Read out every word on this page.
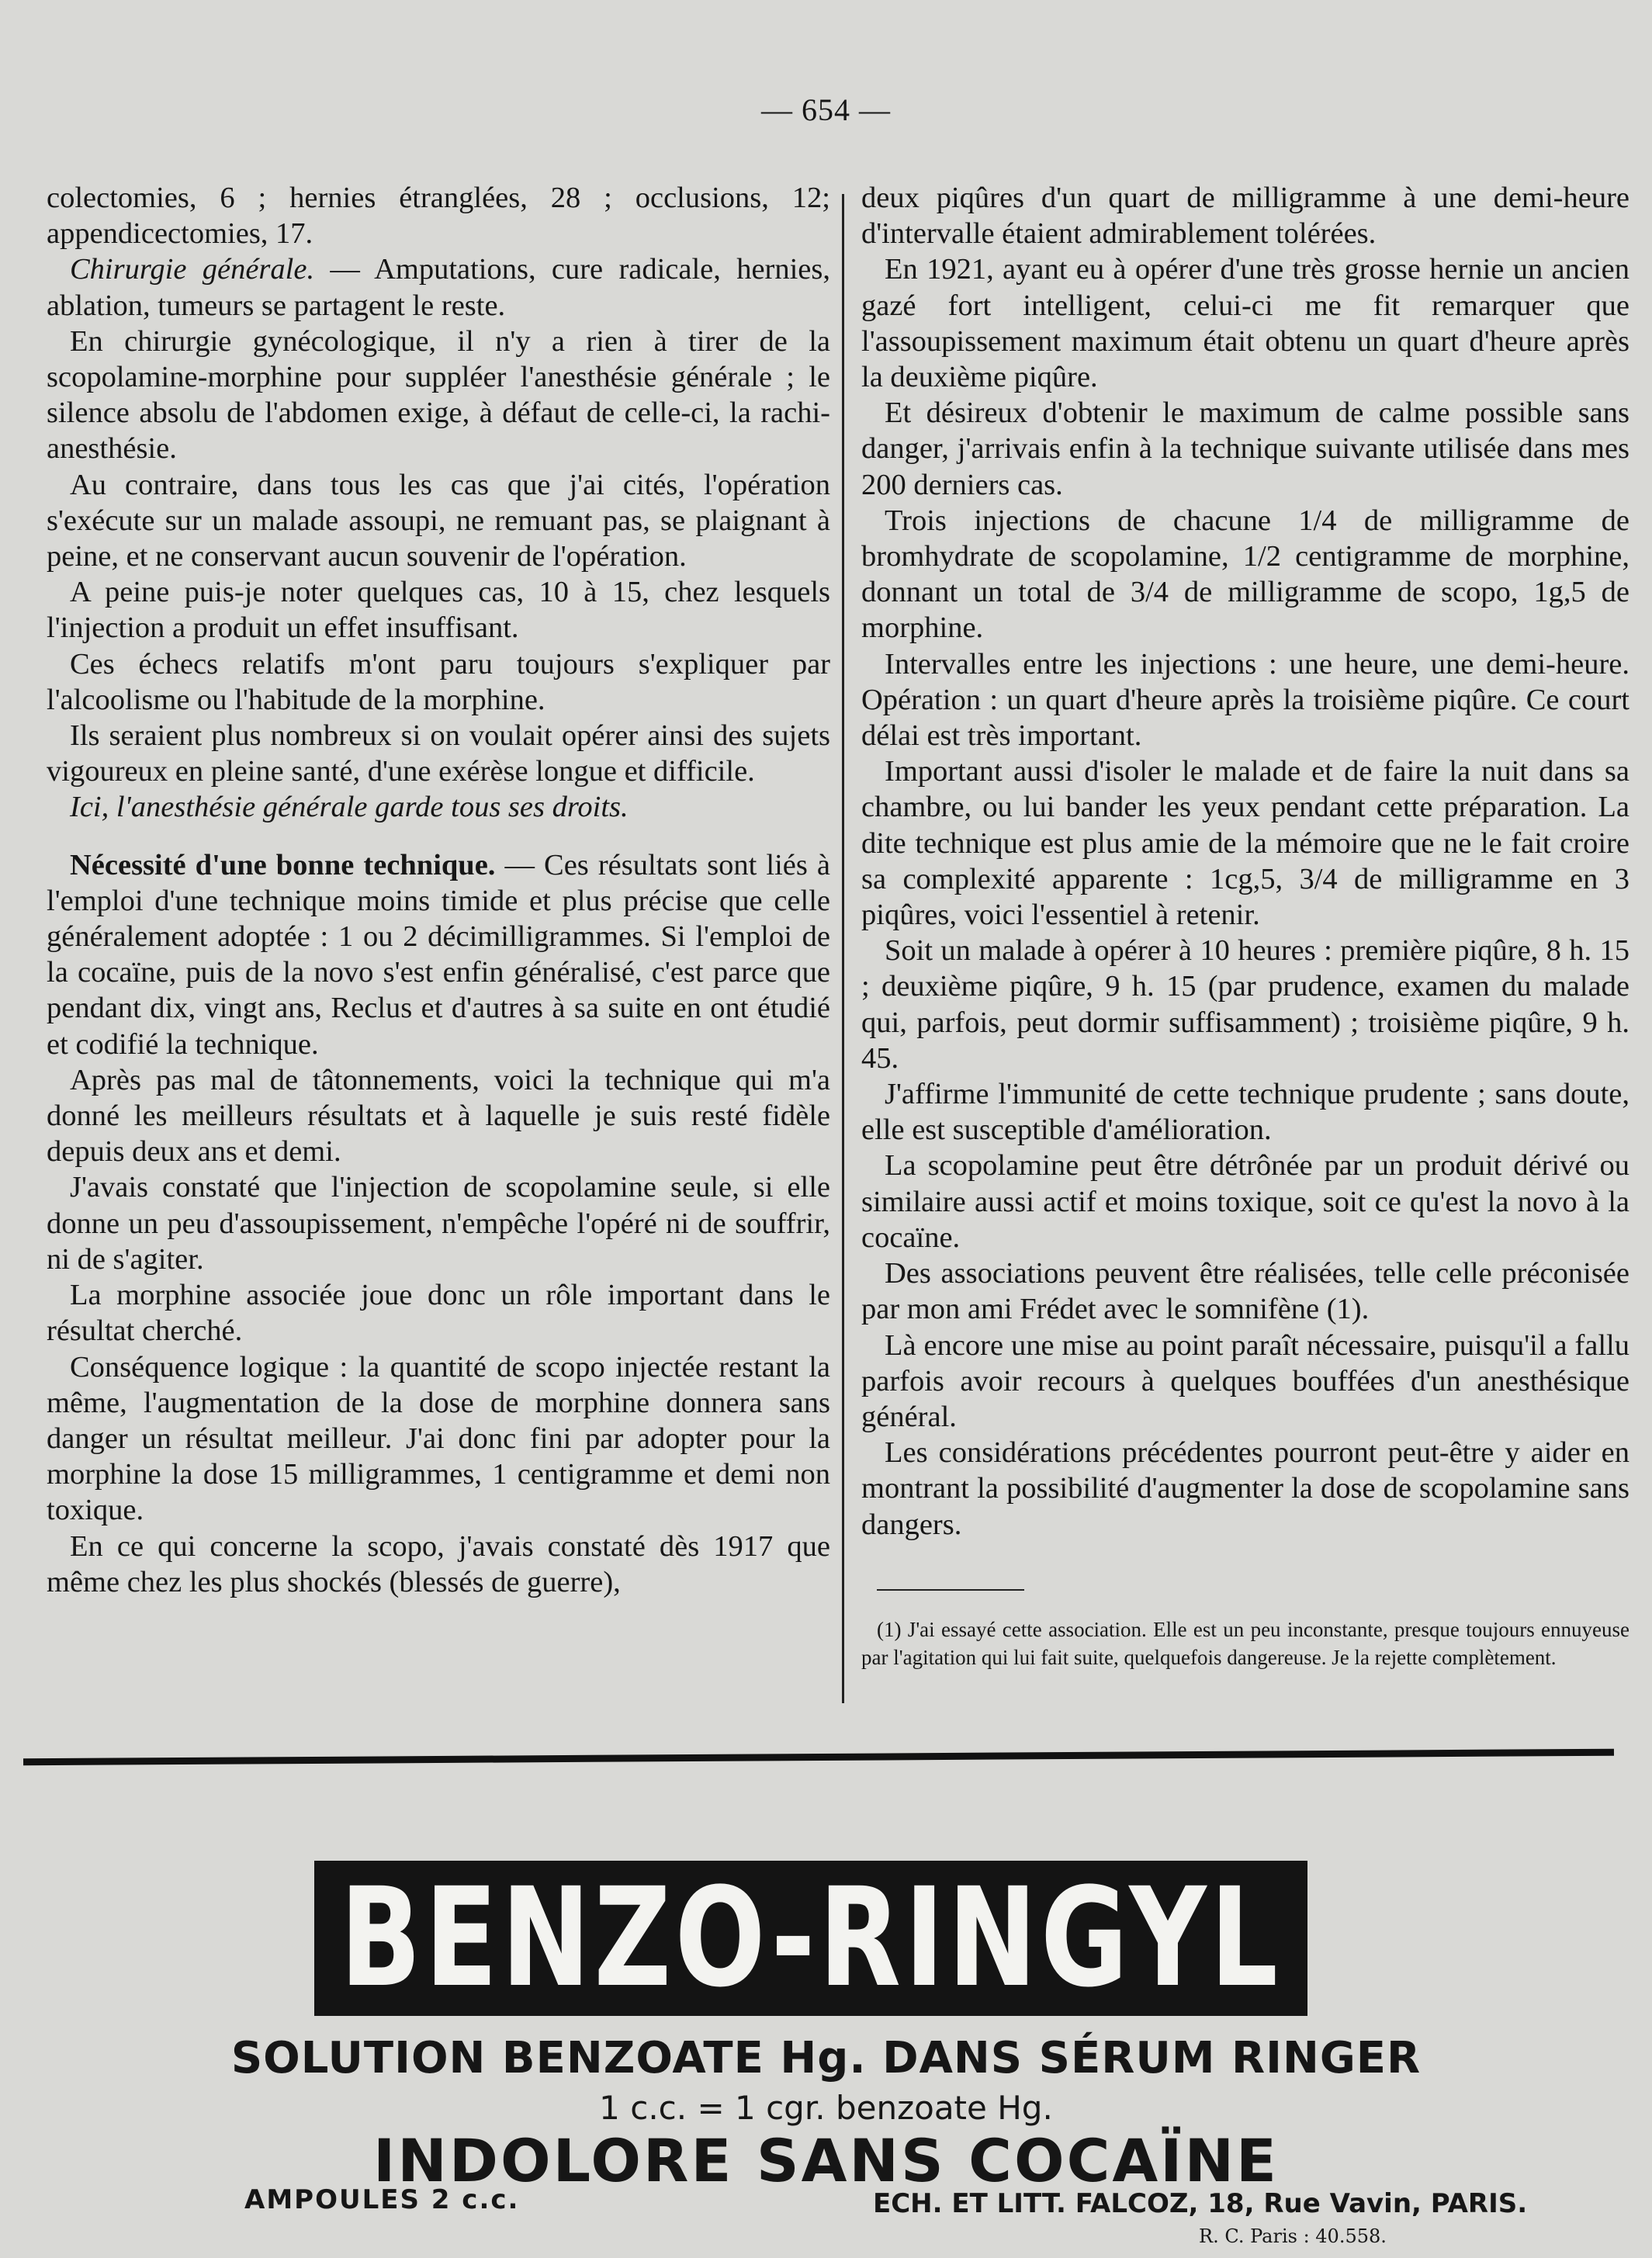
— 654 —

colectomies, 6 ; hernies étranglées, 28 ; occlusions, 12; appendicectomies, 17.

Chirurgie générale. — Amputations, cure radicale, hernies, ablation, tumeurs se partagent le reste.

En chirurgie gynécologique, il n'y a rien à tirer de la scopolamine-morphine pour suppléer l'anesthésie générale ; le silence absolu de l'abdomen exige, à défaut de celle-ci, la rachi-anesthésie.

Au contraire, dans tous les cas que j'ai cités, l'opération s'exécute sur un malade assoupi, ne remuant pas, se plaignant à peine, et ne conservant aucun souvenir de l'opération.

A peine puis-je noter quelques cas, 10 à 15, chez lesquels l'injection a produit un effet insuffisant.

Ces échecs relatifs m'ont paru toujours s'expliquer par l'alcoolisme ou l'habitude de la morphine.

Ils seraient plus nombreux si on voulait opérer ainsi des sujets vigoureux en pleine santé, d'une exérèse longue et difficile.

Ici, l'anesthésie générale garde tous ses droits.

Nécessité d'une bonne technique. — Ces résultats sont liés à l'emploi d'une technique moins timide et plus précise que celle généralement adoptée : 1 ou 2 décimilligrammes. Si l'emploi de la cocaïne, puis de la novo s'est enfin généralisé, c'est parce que pendant dix, vingt ans, Reclus et d'autres à sa suite en ont étudié et codifié la technique.

Après pas mal de tâtonnements, voici la technique qui m'a donné les meilleurs résultats et à laquelle je suis resté fidèle depuis deux ans et demi.

J'avais constaté que l'injection de scopolamine seule, si elle donne un peu d'assoupissement, n'empêche l'opéré ni de souffrir, ni de s'agiter.

La morphine associée joue donc un rôle important dans le résultat cherché.

Conséquence logique : la quantité de scopo injectée restant la même, l'augmentation de la dose de morphine donnera sans danger un résultat meilleur. J'ai donc fini par adopter pour la morphine la dose 15 milligrammes, 1 centigramme et demi non toxique.

En ce qui concerne la scopo, j'avais constaté dès 1917 que même chez les plus shockés (blessés de guerre),

deux piqûres d'un quart de milligramme à une demi-heure d'intervalle étaient admirablement tolérées.

En 1921, ayant eu à opérer d'une très grosse hernie un ancien gazé fort intelligent, celui-ci me fit remarquer que l'assoupissement maximum était obtenu un quart d'heure après la deuxième piqûre.

Et désireux d'obtenir le maximum de calme possible sans danger, j'arrivais enfin à la technique suivante utilisée dans mes 200 derniers cas.

Trois injections de chacune 1/4 de milligramme de bromhydrate de scopolamine, 1/2 centigramme de morphine, donnant un total de 3/4 de milligramme de scopo, 1g,5 de morphine.

Intervalles entre les injections : une heure, une demi-heure. Opération : un quart d'heure après la troisième piqûre. Ce court délai est très important.

Important aussi d'isoler le malade et de faire la nuit dans sa chambre, ou lui bander les yeux pendant cette préparation. La dite technique est plus amie de la mémoire que ne le fait croire sa complexité apparente : 1cg,5, 3/4 de milligramme en 3 piqûres, voici l'essentiel à retenir.

Soit un malade à opérer à 10 heures : première piqûre, 8 h. 15 ; deuxième piqûre, 9 h. 15 (par prudence, examen du malade qui, parfois, peut dormir suffisamment) ; troisième piqûre, 9 h. 45.

J'affirme l'immunité de cette technique prudente ; sans doute, elle est susceptible d'amélioration.

La scopolamine peut être détrônée par un produit dérivé ou similaire aussi actif et moins toxique, soit ce qu'est la novo à la cocaïne.

Des associations peuvent être réalisées, telle celle préconisée par mon ami Frédet avec le somnifène (1).

Là encore une mise au point paraît nécessaire, puisqu'il a fallu parfois avoir recours à quelques bouffées d'un anesthésique général.

Les considérations précédentes pourront peut-être y aider en montrant la possibilité d'augmenter la dose de scopolamine sans dangers.

(1) J'ai essayé cette association. Elle est un peu inconstante, presque toujours ennuyeuse par l'agitation qui lui fait suite, quelquefois dangereuse. Je la rejette complètement.

BENZO-RINGYL
SOLUTION BENZOATE Hg. DANS SÉRUM RINGER
1 c.c. = 1 cgr. benzoate Hg.
INDOLORE SANS COCAÏNE
AMPOULES 2 c.c.	ECH. ET LITT. FALCOZ, 18, Rue Vavin, PARIS.
R. C. Paris : 40.558.
